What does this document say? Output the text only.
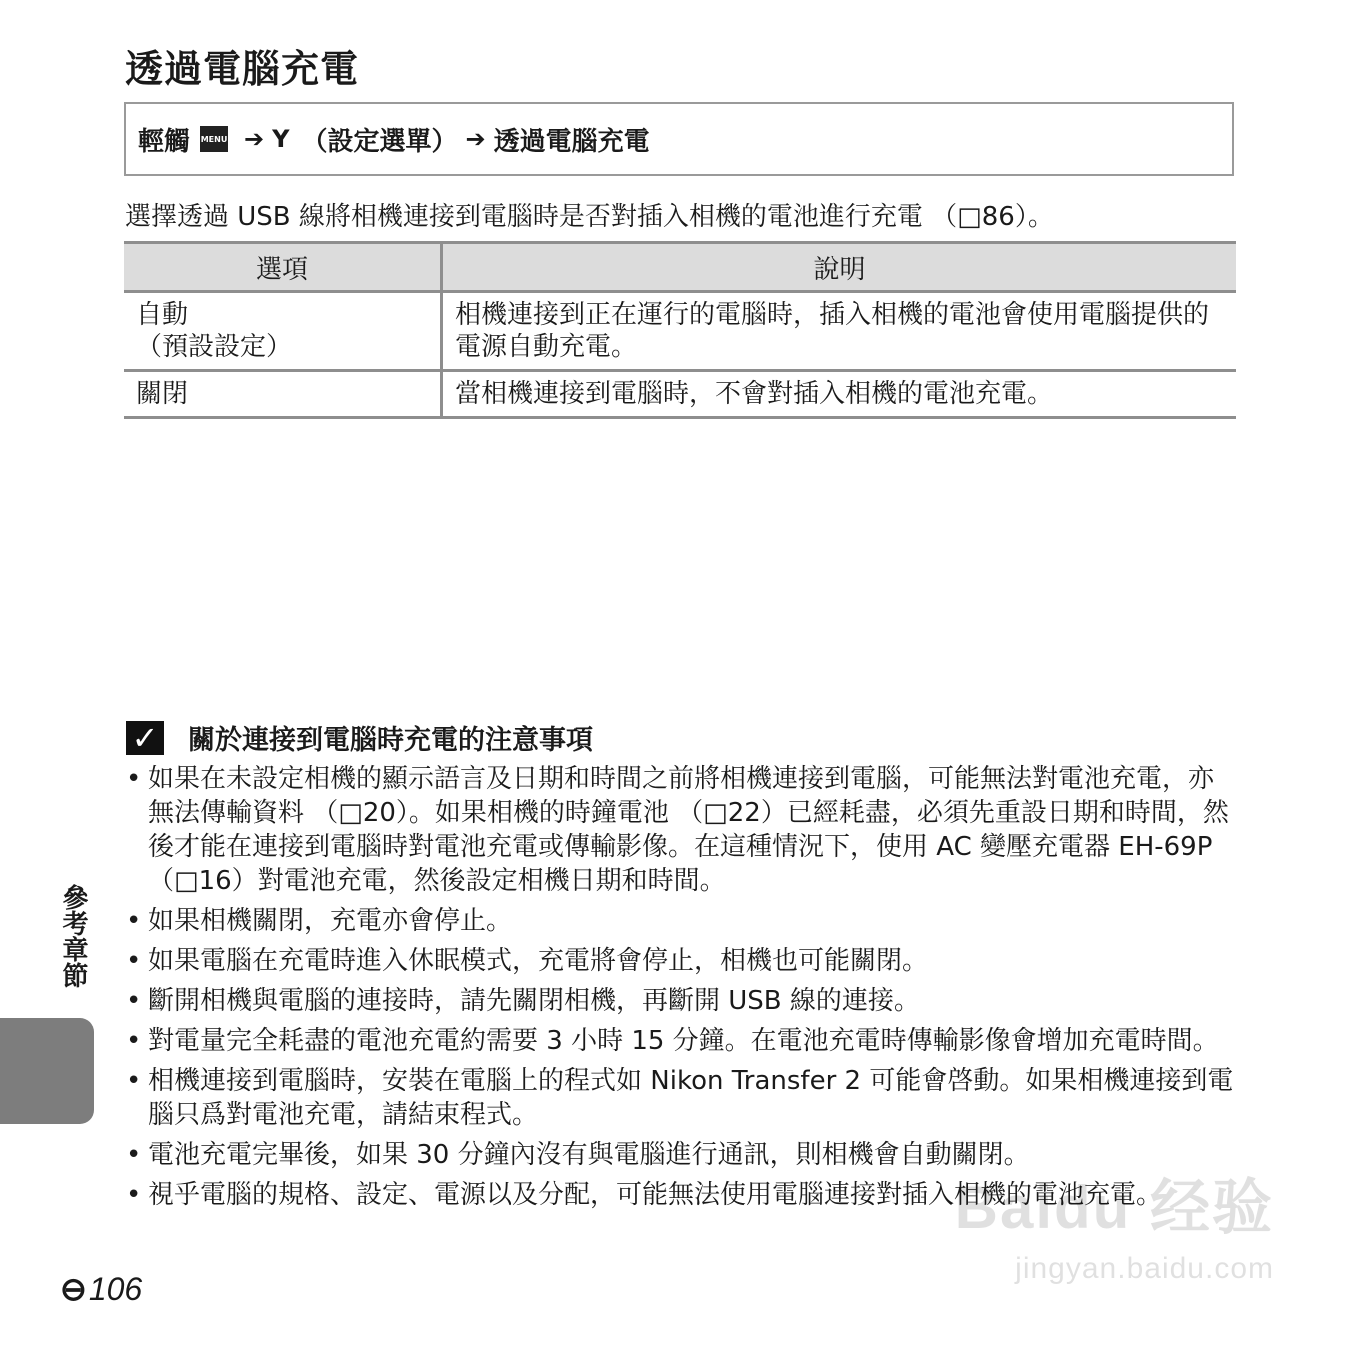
透過電腦充電
輕觸 MENU ➔ Y （設定選單） ➔ 透過電腦充電

選擇透過 USB 線將相機連接到電腦時是否對插入相機的電池進行充電 （□86）。

選項	說明

自動
（預設設定）	相機連接到正在運行的電腦時，插入相機的電池會使用電腦提供的電源自動充電。

關閉	當相機連接到電腦時，不會對插入相機的電池充電。
✓ 關於連接到電腦時充電的注意事項
• 如果在未設定相機的顯示語言及日期和時間之前將相機連接到電腦，可能無法對電池充電，亦無法傳輸資料 （□20）。如果相機的時鐘電池 （□22）已經耗盡，必須先重設日期和時間，然後才能在連接到電腦時對電池充電或傳輸影像。在這種情況下，使用 AC 變壓充電器 EH-69P （□16）對電池充電，然後設定相機日期和時間。
• 如果相機關閉，充電亦會停止。
• 如果電腦在充電時進入休眠模式，充電將會停止，相機也可能關閉。
• 斷開相機與電腦的連接時，請先關閉相機，再斷開 USB 線的連接。
• 對電量完全耗盡的電池充電約需要 3 小時 15 分鐘。在電池充電時傳輸影像會增加充電時間。
• 相機連接到電腦時，安裝在電腦上的程式如 Nikon Transfer 2 可能會啓動。如果相機連接到電腦只爲對電池充電，請結束程式。
• 電池充電完畢後，如果 30 分鐘內沒有與電腦進行通訊，則相機會自動關閉。
• 視乎電腦的規格、設定、電源以及分配，可能無法使用電腦連接對插入相機的電池充電。
參考章節
⊖ 106
Baidu 经验
jingyan.baidu.com
